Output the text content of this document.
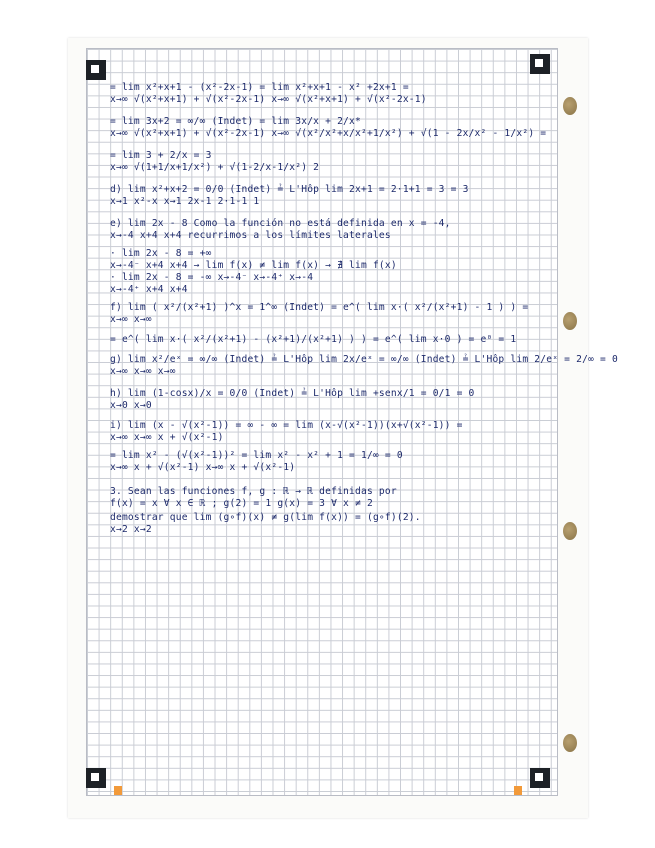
= lim x²+x+1 - (x²-2x-1) = lim x²+x+1 - x² +2x+1 =
x→∞ √(x²+x+1) + √(x²-2x-1) x→∞ √(x²+x+1) + √(x²-2x-1)
= lim 3x+2 = ∞/∞ (Indet) = lim 3x/x + 2/x*
x→∞ √(x²+x+1) + √(x²-2x-1) x→∞ √(x²/x²+x/x²+1/x²) + √(1 - 2x/x² - 1/x²) =
= lim 3 + 2/x = 3
x→∞ √(1+1/x+1/x²) + √(1-2/x-1/x²) 2
d) lim x²+x+2 = 0/0 (Indet) ≟ L'Hôp lim 2x+1 = 2·1+1 = 3 = 3
x→1 x²-x x→1 2x-1 2·1-1 1
e) lim 2x - 8 Como la función no está definida en x = -4,
x→-4 x+4 x+4 recurrimos a los límites laterales
· lim 2x - 8 = +∞
x→-4⁻ x+4 x+4 → lim f(x) ≠ lim f(x) → ∄ lim f(x)
· lim 2x - 8 = -∞ x→-4⁻ x→-4⁺ x→-4
x→-4⁺ x+4 x+4
f) lim ( x²/(x²+1) )^x = 1^∞ (Indet) = e^( lim x·( x²/(x²+1) - 1 ) ) =
x→∞ x→∞
= e^( lim x·( x²/(x²+1) - (x²+1)/(x²+1) ) ) = e^( lim x·0 ) = e⁰ = 1
g) lim x²/eˣ = ∞/∞ (Indet) ≟ L'Hôp lim 2x/eˣ = ∞/∞ (Indet) ≟ L'Hôp lim 2/eˣ = 2/∞ = 0
x→∞ x→∞ x→∞
h) lim (1-cosx)/x = 0/0 (Indet) ≟ L'Hôp lim +senx/1 = 0/1 = 0
x→0 x→0
i) lim (x - √(x²-1)) = ∞ - ∞ = lim (x-√(x²-1))(x+√(x²-1)) =
x→∞ x→∞ x + √(x²-1)
= lim x² - (√(x²-1))² = lim x² - x² + 1 = 1/∞ = 0
x→∞ x + √(x²-1) x→∞ x + √(x²-1)
3. Sean las funciones f, g : ℝ → ℝ definidas por
f(x) = x ∀ x ∈ ℝ ; g(2) = 1 g(x) = 3 ∀ x ≠ 2
demostrar que lim (g∘f)(x) ≠ g(lim f(x)) = (g∘f)(2).
x→2 x→2
